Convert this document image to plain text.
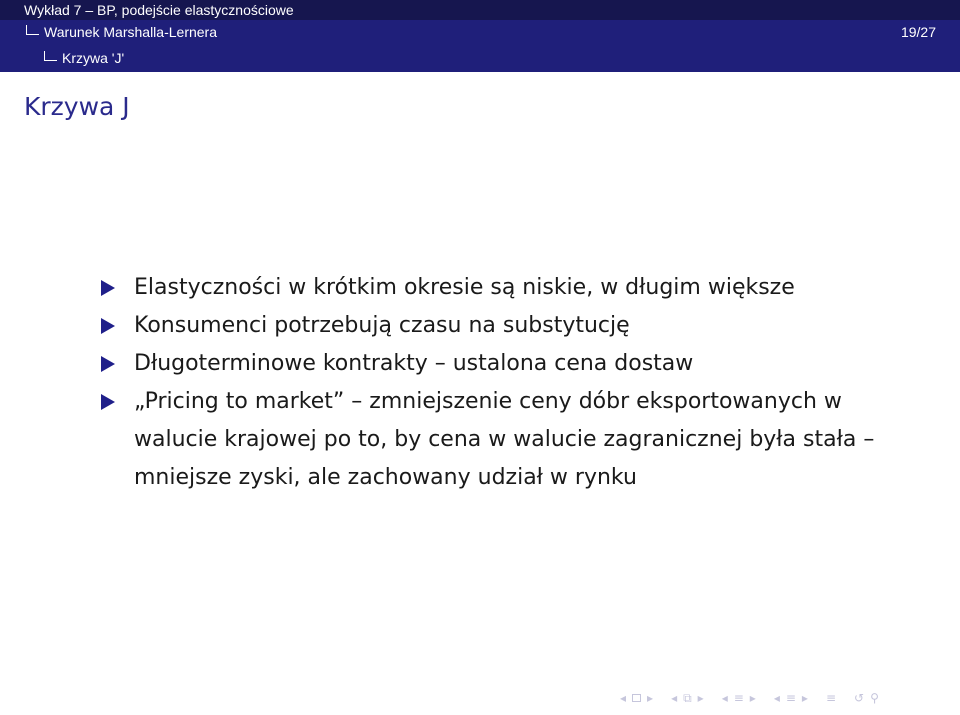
Wykład 7 – BP, podejście elastycznościowe
Warunek Marshalla-Lernera	19/27
Krzywa 'J'
Krzywa J
Elastyczności w krótkim okresie są niskie, w długim większe
Konsumenci potrzebują czasu na substytucję
Długoterminowe kontrakty – ustalona cena dostaw
„Pricing to market” – zmniejszenie ceny dóbr eksportowanych w walucie krajowej po to, by cena w walucie zagranicznej była stała – mniejsze zyski, ale zachowany udział w rynku
◂ ▸ ◂ ⧉ ▸ ◂ ≡ ▸ ◂ ≡ ▸ ≡ ↺ ⚲
